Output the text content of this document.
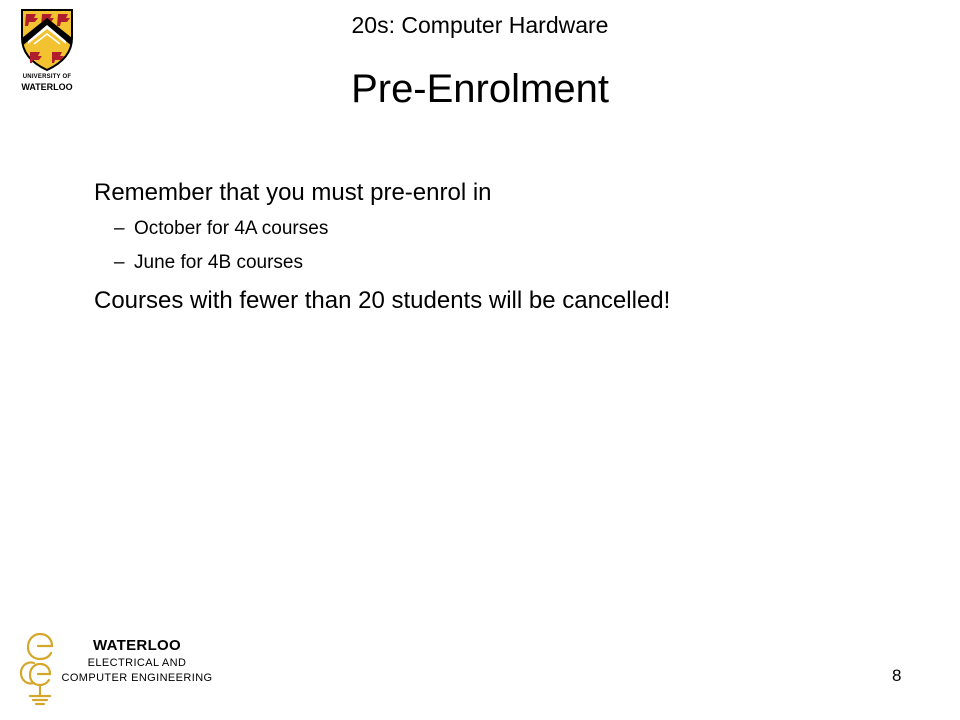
UNIVERSITY OF
WATERLOO
20s: Computer Hardware
Pre-Enrolment

Remember that you must pre-enrol in

– October for 4A courses
– June for 4B courses

Courses with fewer than 20 students will be cancelled!

WATERLOO
ELECTRICAL AND
COMPUTER ENGINEERING	8
